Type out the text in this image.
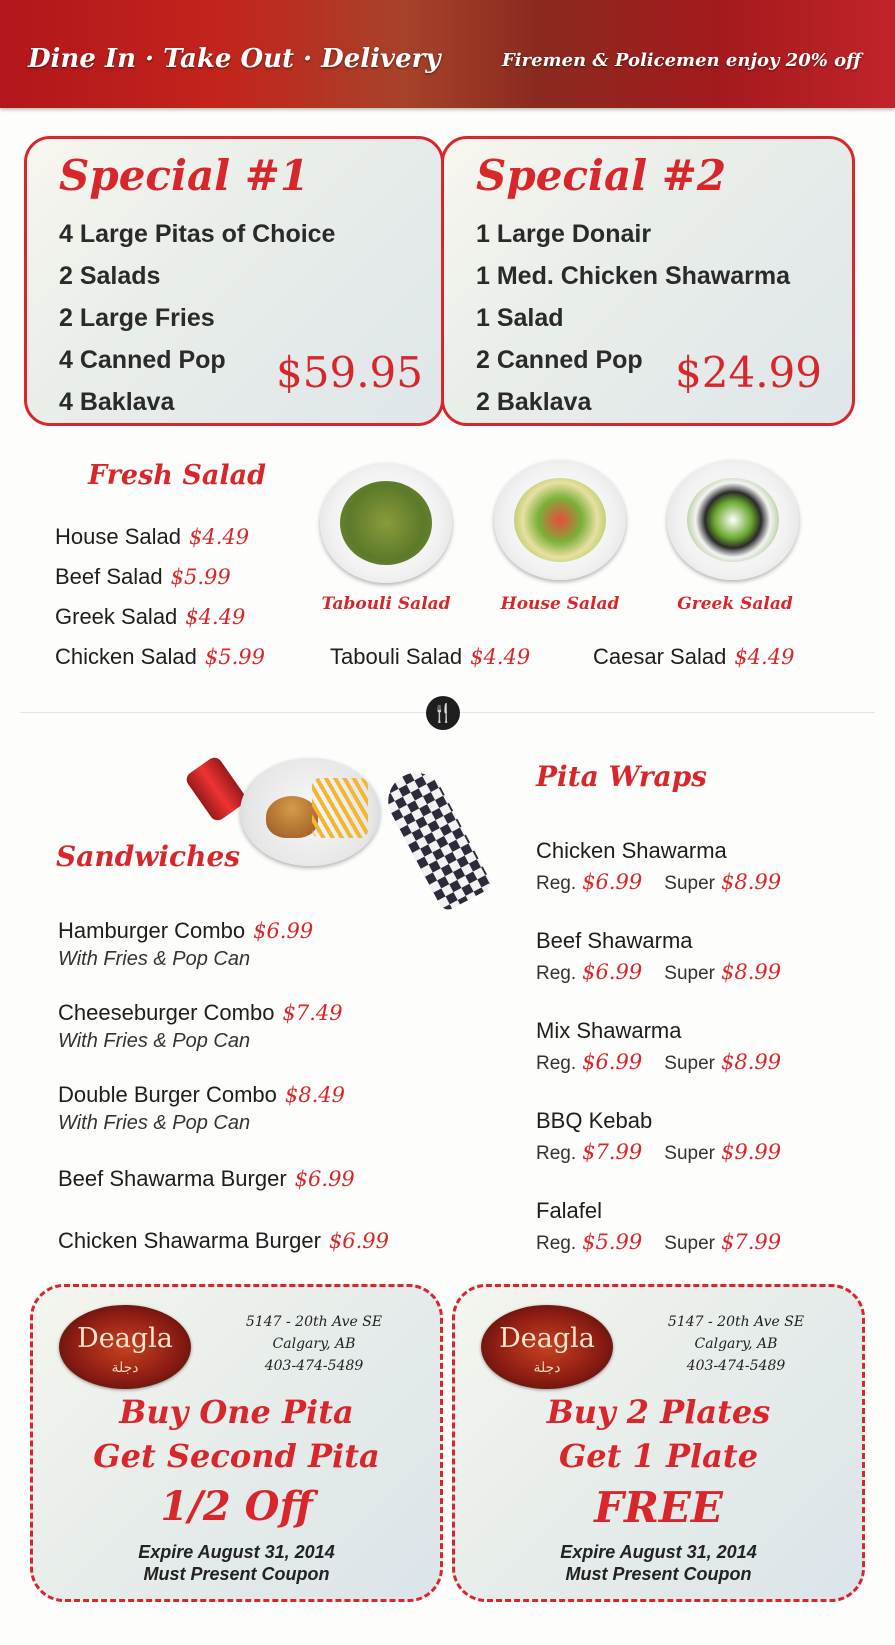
Dine In · Take Out · Delivery	Firemen & Policemen enjoy 20% off
Special #1
4 Large Pitas of Choice
2 Salads
2 Large Fries
4 Canned Pop
4 Baklava
$59.95
Special #2
1 Large Donair
1 Med. Chicken Shawarma
1 Salad
2 Canned Pop
2 Baklava
$24.99
Fresh Salad
House Salad $4.49
Beef Salad $5.99
Greek Salad $4.49
Chicken Salad $5.99
Tabouli Salad	House Salad	Greek Salad
Tabouli Salad $4.49	Caesar Salad $4.49
🍴
Sandwiches
Hamburger Combo $6.99
With Fries & Pop Can
Cheeseburger Combo $7.49
With Fries & Pop Can
Double Burger Combo $8.49
With Fries & Pop Can
Beef Shawarma Burger $6.99
Chicken Shawarma Burger $6.99
Pita Wraps
Chicken Shawarma
Reg. $6.99 Super $8.99
Beef Shawarma
Reg. $6.99 Super $8.99
Mix Shawarma
Reg. $6.99 Super $8.99
BBQ Kebab
Reg. $7.99 Super $9.99
Falafel
Reg. $5.99 Super $7.99
Deagla
دجلة
5147 - 20th Ave SE
Calgary, AB
403-474-5489
Buy One Pita
Get Second Pita
1/2 Off
Expire August 31, 2014
Must Present Coupon
Deagla
دجلة
5147 - 20th Ave SE
Calgary, AB
403-474-5489
Buy 2 Plates
Get 1 Plate
FREE
Expire August 31, 2014
Must Present Coupon
